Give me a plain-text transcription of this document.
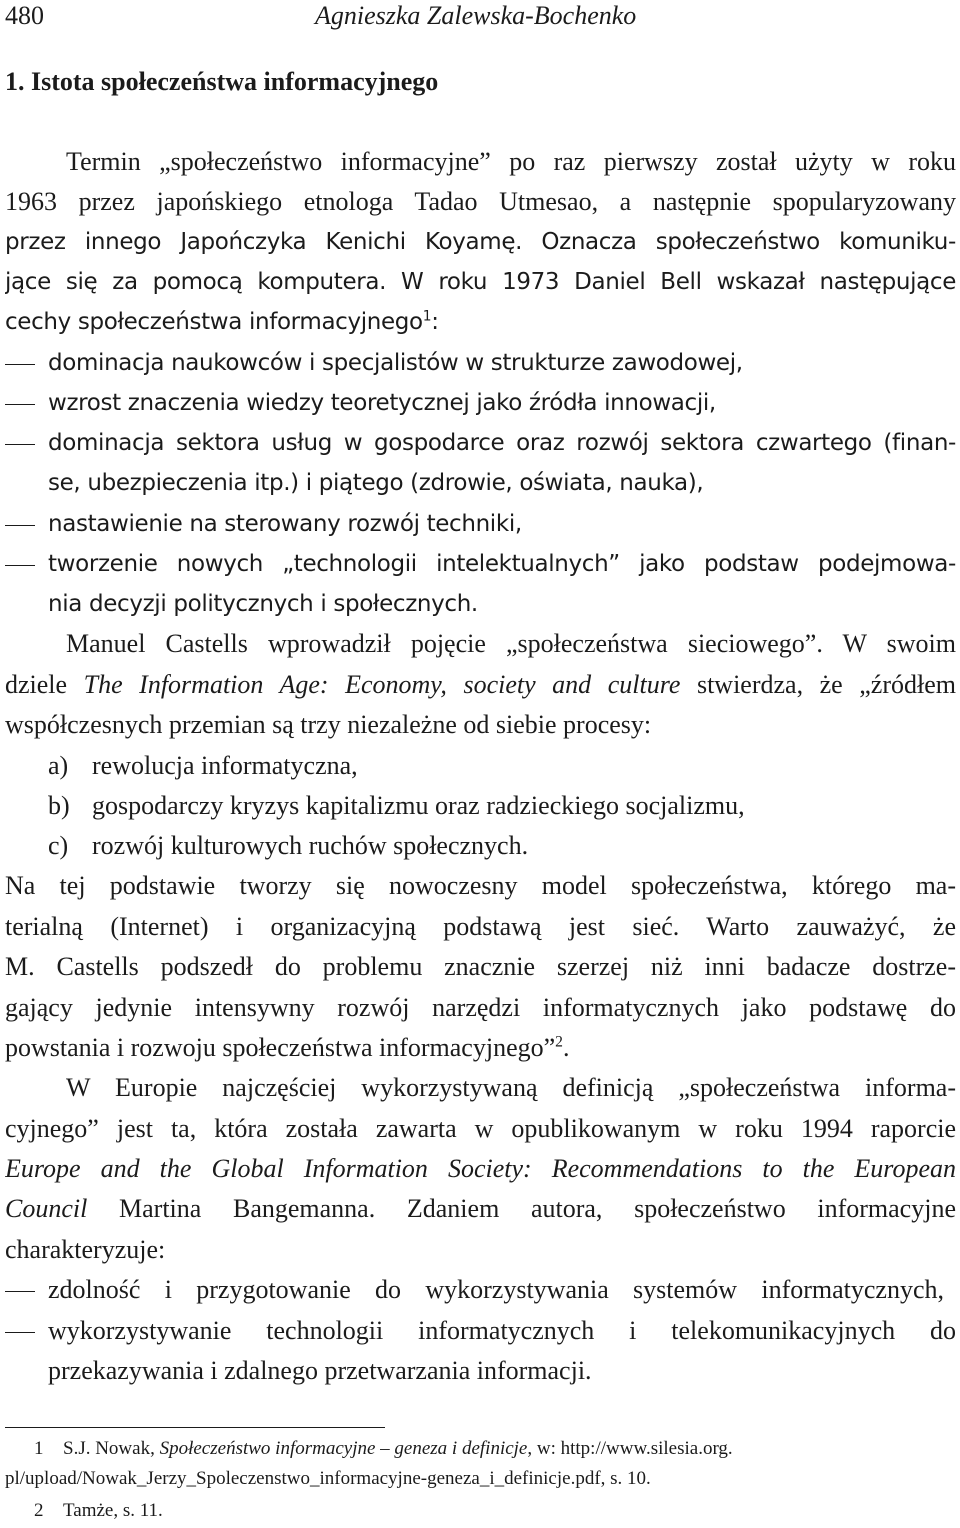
480	Agnieszka Zalewska-Bochenko
1. Istota społeczeństwa informacyjnego
Termin „społeczeństwo informacyjne” po raz pierwszy został użyty w roku
1963 przez japońskiego etnologa Tadao Utmesao, a następnie spopularyzowany
przez innego Japończyka Kenichi Koyamę. Oznacza społeczeństwo komuniku-
jące się za pomocą komputera. W roku 1973 Daniel Bell wskazał następujące
cechy społeczeństwa informacyjnego$^1$:
dominacja naukowców i specjalistów w strukturze zawodowej,
wzrost znaczenia wiedzy teoretycznej jako źródła innowacji,
dominacja sektora usług w gospodarce oraz rozwój sektora czwartego (finan-
se, ubezpieczenia itp.) i piątego (zdrowie, oświata, nauka),
nastawienie na sterowany rozwój techniki,
tworzenie nowych „technologii intelektualnych” jako podstaw podejmowa-
nia decyzji politycznych i społecznych.
Manuel Castells wprowadził pojęcie „społeczeństwa sieciowego”. W swoim
dziele The Information Age: Economy, society and culture stwierdza, że „źródłem
współczesnych przemian są trzy niezależne od siebie procesy:
a) rewolucja informatyczna,
b) gospodarczy kryzys kapitalizmu oraz radzieckiego socjalizmu,
c) rozwój kulturowych ruchów społecznych.
Na tej podstawie tworzy się nowoczesny model społeczeństwa, którego ma-
terialną (Internet) i organizacyjną podstawą jest sieć. Warto zauważyć, że
M. Castells podszedł do problemu znacznie szerzej niż inni badacze dostrze-
gający jedynie intensywny rozwój narzędzi informatycznych jako podstawę do
powstania i rozwoju społeczeństwa informacyjnego”$^2$.
W Europie najczęściej wykorzystywaną definicją „społeczeństwa informa-
cyjnego” jest ta, która została zawarta w opublikowanym w roku 1994 raporcie
Europe and the Global Information Society: Recommendations to the European
Council Martina Bangemanna. Zdaniem autora, społeczeństwo informacyjne
charakteryzuje:
zdolność i przygotowanie do wykorzystywania systemów informatycznych,
wykorzystywanie technologii informatycznych i telekomunikacyjnych do
przekazywania i zdalnego przetwarzania informacji.
1 S.J. Nowak, Społeczeństwo informacyjne – geneza i definicje, w: http://www.silesia.org.
pl/upload/Nowak_Jerzy_Spoleczenstwo_informacyjne-geneza_i_definicje.pdf, s. 10.
2 Tamże, s. 11.
